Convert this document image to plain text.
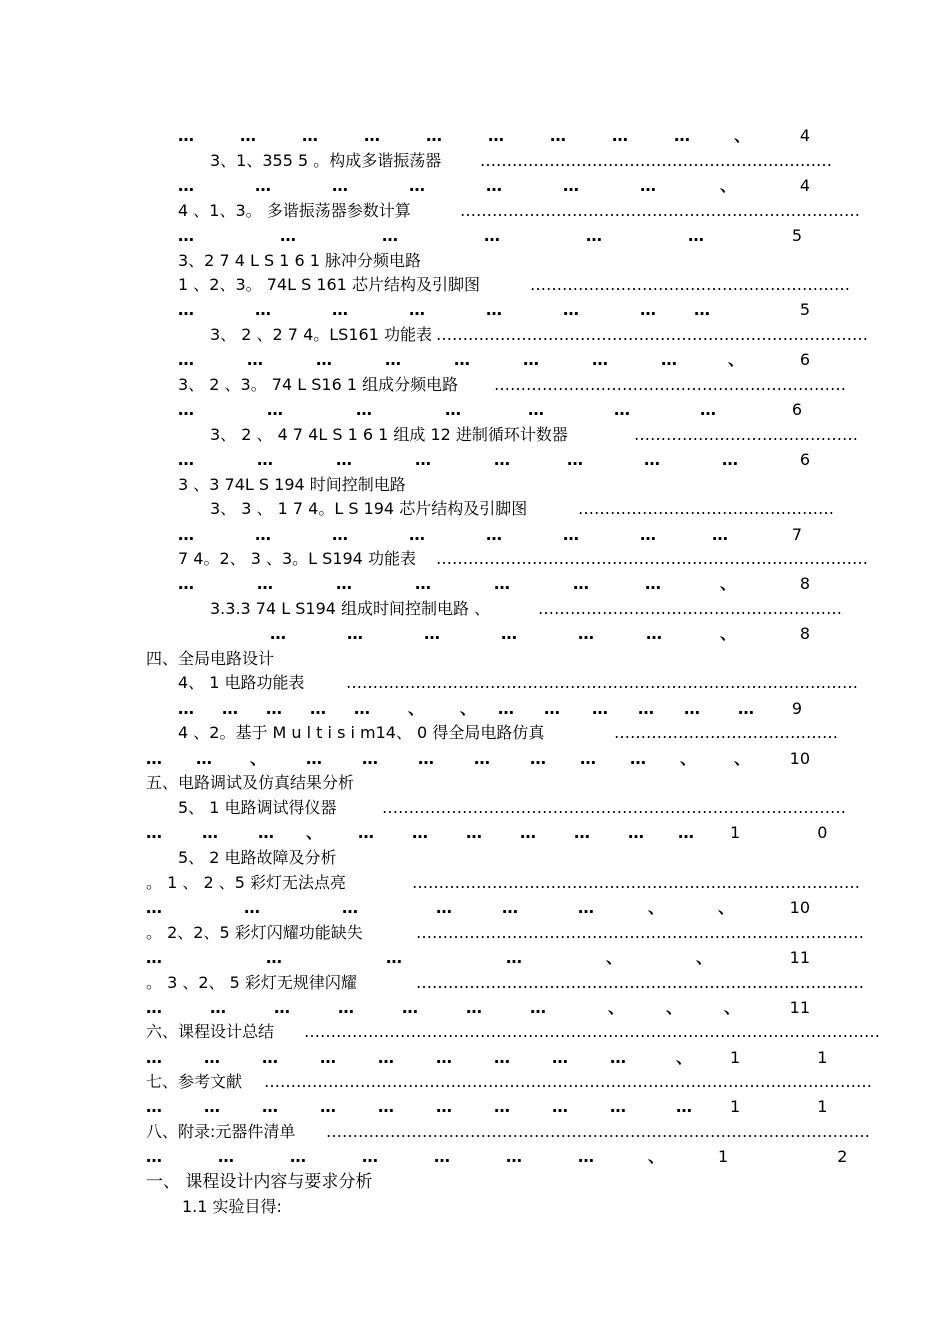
…	…	…	…	…	…	…	…	…	、	4
3、1、355 5 。构成多谐振荡器 …………………………………………………………
…	…	…	…	…	…	…	、	4
4 、1、3。 多谐振荡器参数计算	…………………………………………………………………
…	…	…	…	…	…	5
3、2 7 4 L S 1 6 1 脉冲分频电路
1 、2、3。 74L S 161 芯片结构及引脚图	……………………………………………………
…	…	…	…	…	…	… …	5
3、 2 、2 7 4。LS161 功能表 ………………………………………………………………………
…	…	…	…	…	…	…	…	、	6
3、 2 、3。 74 L S16 1 组成分频电路 …………………………………………………………
…	…	…	…	…	…	…	6
3、 2 、 4 7 4L S 1 6 1 组成 12 进制循环计数器	……………………………………
…	…	…	…	…	…	…	…	6
3 、3 74L S 194 时间控制电路
3、 3 、 1 7 4。L S 194 芯片结构及引脚图	…………………………………………
…	…	…	…	…	…	…	…	7
7 4。2、 3 、3。L S194 功能表 ………………………………………………………………………
…	…	…	…	…	…	…	、	8
3.3.3 74 L S194 组成时间控制电路 、	…………………………………………………
…	…	…	…	…	…	、	8
四、全局电路设计
4、 1 电路功能表	……………………………………………………………………………………
… … … … … 、 、 … … … … … …	9
4 、2。基于 M u l t i s i m14、 0 得全局电路仿真	……………………………………
… … 、 …	…	…	…	… … … 、 、	10
五、电路调试及仿真结果分析
5、 1 电路调试得仪器	……………………………………………………………………………
…	…	… 、 … … … … … … … 1 0
5、 2 电路故障及分析
。 1 、 2 、5 彩灯无法点亮	…………………………………………………………………………
…	…	…	…	…	…	、	、	10
。 2、2、5 彩灯闪耀功能缺失	…………………………………………………………………………
…	…	…	…	、	、	11
。 3 、2、 5 彩灯无规律闪耀	…………………………………………………………………………
…	…	…	…	…	…	…	、	、	、	11
六、课程设计总结 ………………………………………………………………………………………………
…	…	…	…	…	…	…	…	…	、 1 1
七、参考文献 ……………………………………………………………………………………………………
…	…	…	…	…	…	…	…	…	… 1 1
八、附录:元器件清单 …………………………………………………………………………………………
…	…	…	…	…	…	…	、	1 2
一、 课程设计内容与要求分析
1.1 实验目得:
